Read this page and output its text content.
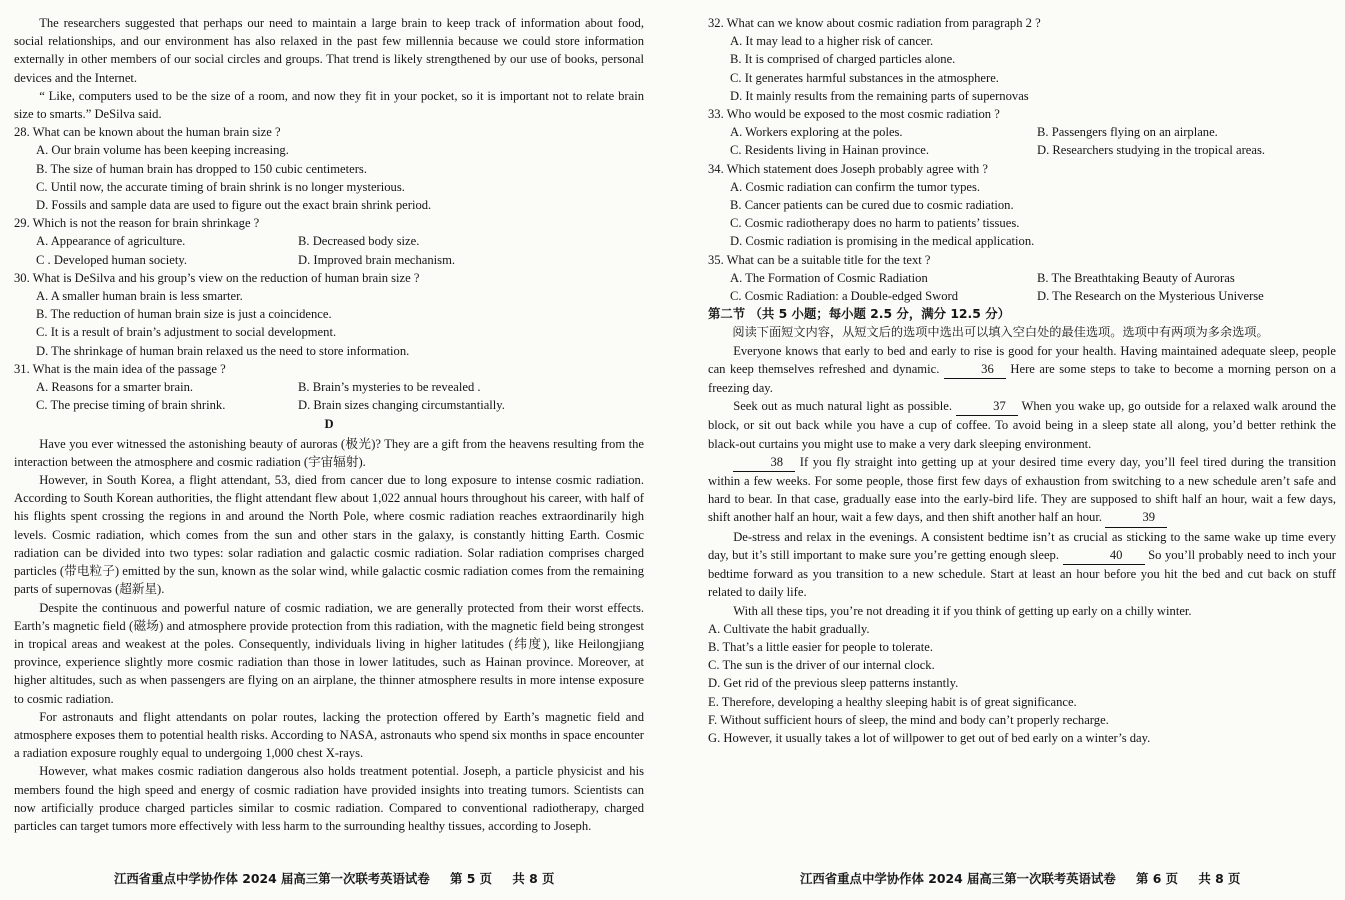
The researchers suggested that perhaps our need to maintain a large brain to keep track of information about food, social relationships, and our environment has also relaxed in the past few millennia because we could store information externally in other members of our social circles and groups. That trend is likely strengthened by our use of books, personal devices and the Internet.

“ Like, computers used to be the size of a room, and now they fit in your pocket, so it is important not to relate brain size to smarts.” DeSilva said.

28. What can be known about the human brain size ?

A. Our brain volume has been keeping increasing.

B. The size of human brain has dropped to 150 cubic centimeters.

C. Until now, the accurate timing of brain shrink is no longer mysterious.

D. Fossils and sample data are used to figure out the exact brain shrink period.

29. Which is not the reason for brain shrinkage ?

A. Appearance of agriculture.	B. Decreased body size.
C . Developed human society.	D. Improved brain mechanism.

30. What is DeSilva and his group’s view on the reduction of human brain size ?

A. A smaller human brain is less smarter.

B. The reduction of human brain size is just a coincidence.

C. It is a result of brain’s adjustment to social development.

D. The shrinkage of human brain relaxed us the need to store information.

31. What is the main idea of the passage ?

A. Reasons for a smarter brain.	B. Brain’s mysteries to be revealed .
C. The precise timing of brain shrink.	D. Brain sizes changing circumstantially.
D

Have you ever witnessed the astonishing beauty of auroras (极光)? They are a gift from the heavens resulting from the interaction between the atmosphere and cosmic radiation (宇宙辐射).

However, in South Korea, a flight attendant, 53, died from cancer due to long exposure to intense cosmic radiation. According to South Korean authorities, the flight attendant flew about 1,022 annual hours throughout his career, with half of his flights spent crossing the regions in and around the North Pole, where cosmic radiation reaches extraordinarily high levels. Cosmic radiation, which comes from the sun and other stars in the galaxy, is constantly hitting Earth. Cosmic radiation can be divided into two types: solar radiation and galactic cosmic radiation. Solar radiation comprises charged particles (带电粒子) emitted by the sun, known as the solar wind, while galactic cosmic radiation comes from the remaining parts of supernovas (超新星).

Despite the continuous and powerful nature of cosmic radiation, we are generally protected from their worst effects. Earth’s magnetic field (磁场) and atmosphere provide protection from this radiation, with the magnetic field being strongest in tropical areas and weakest at the poles. Consequently, individuals living in higher latitudes (纬度), like Heilongjiang province, experience slightly more cosmic radiation than those in lower latitudes, such as Hainan province. Moreover, at higher altitudes, such as when passengers are flying on an airplane, the thinner atmosphere results in more intense exposure to cosmic radiation.

For astronauts and flight attendants on polar routes, lacking the protection offered by Earth’s magnetic field and atmosphere exposes them to potential health risks. According to NASA, astronauts who spend six months in space encounter a radiation exposure roughly equal to undergoing 1,000 chest X-rays.

However, what makes cosmic radiation dangerous also holds treatment potential. Joseph, a particle physicist and his members found the high speed and energy of cosmic radiation have provided insights into treating tumors. Scientists can now artificially produce charged particles similar to cosmic radiation. Compared to conventional radiotherapy, charged particles can target tumors more effectively with less harm to the surrounding healthy tissues, according to Joseph.

江西省重点中学协作体 2024 届高三第一次联考英语试卷 第 5 页 共 8 页

32. What can we know about cosmic radiation from paragraph 2 ?

A. It may lead to a higher risk of cancer.

B. It is comprised of charged particles alone.

C. It generates harmful substances in the atmosphere.

D. It mainly results from the remaining parts of supernovas

33. Who would be exposed to the most cosmic radiation ?

A. Workers exploring at the poles.	B. Passengers flying on an airplane.
C. Residents living in Hainan province.	D. Researchers studying in the tropical areas.

34. Which statement does Joseph probably agree with ?

A. Cosmic radiation can confirm the tumor types.

B. Cancer patients can be cured due to cosmic radiation.

C. Cosmic radiotherapy does no harm to patients’ tissues.

D. Cosmic radiation is promising in the medical application.

35. What can be a suitable title for the text ?

A. The Formation of Cosmic Radiation	B. The Breathtaking Beauty of Auroras
C. Cosmic Radiation: a Double-edged Sword	D. The Research on the Mysterious Universe

第二节 （共 5 小题；每小题 2.5 分，满分 12.5 分）

阅读下面短文内容，从短文后的选项中选出可以填入空白处的最佳选项。选项中有两项为多余选项。

Everyone knows that early to bed and early to rise is good for your health. Having maintained adequate sleep, people can keep themselves refreshed and dynamic.	36 Here are some steps to take to become a morning person on a freezing day.

Seek out as much natural light as possible.	37 When you wake up, go outside for a relaxed walk around the block, or sit out back while you have a cup of coffee. To avoid being in a sleep state all along, you’d better rethink the black-out curtains you might use to make a very dark sleeping environment.

38 If you fly straight into getting up at your desired time every day, you’ll feel tired during the transition within a few weeks. For some people, those first few days of exhaustion from switching to a new schedule aren’t safe and hard to bear. In that case, gradually ease into the early-bird life. They are supposed to shift half an hour, wait a few days, shift another half an hour, wait a few days, and then shift another half an hour.	39

De-stress and relax in the evenings. A consistent bedtime isn’t as crucial as sticking to the same wake up time every day, but it’s still important to make sure you’re getting enough sleep.	40 So you’ll probably need to inch your bedtime forward as you transition to a new schedule. Start at least an hour before you hit the bed and cut back on stuff related to daily life.

With all these tips, you’re not dreading it if you think of getting up early on a chilly winter.

A. Cultivate the habit gradually.

B. That’s a little easier for people to tolerate.

C. The sun is the driver of our internal clock.

D. Get rid of the previous sleep patterns instantly.

E. Therefore, developing a healthy sleeping habit is of great significance.

F. Without sufficient hours of sleep, the mind and body can’t properly recharge.

G. However, it usually takes a lot of willpower to get out of bed early on a winter’s day.

江西省重点中学协作体 2024 届高三第一次联考英语试卷 第 6 页 共 8 页
